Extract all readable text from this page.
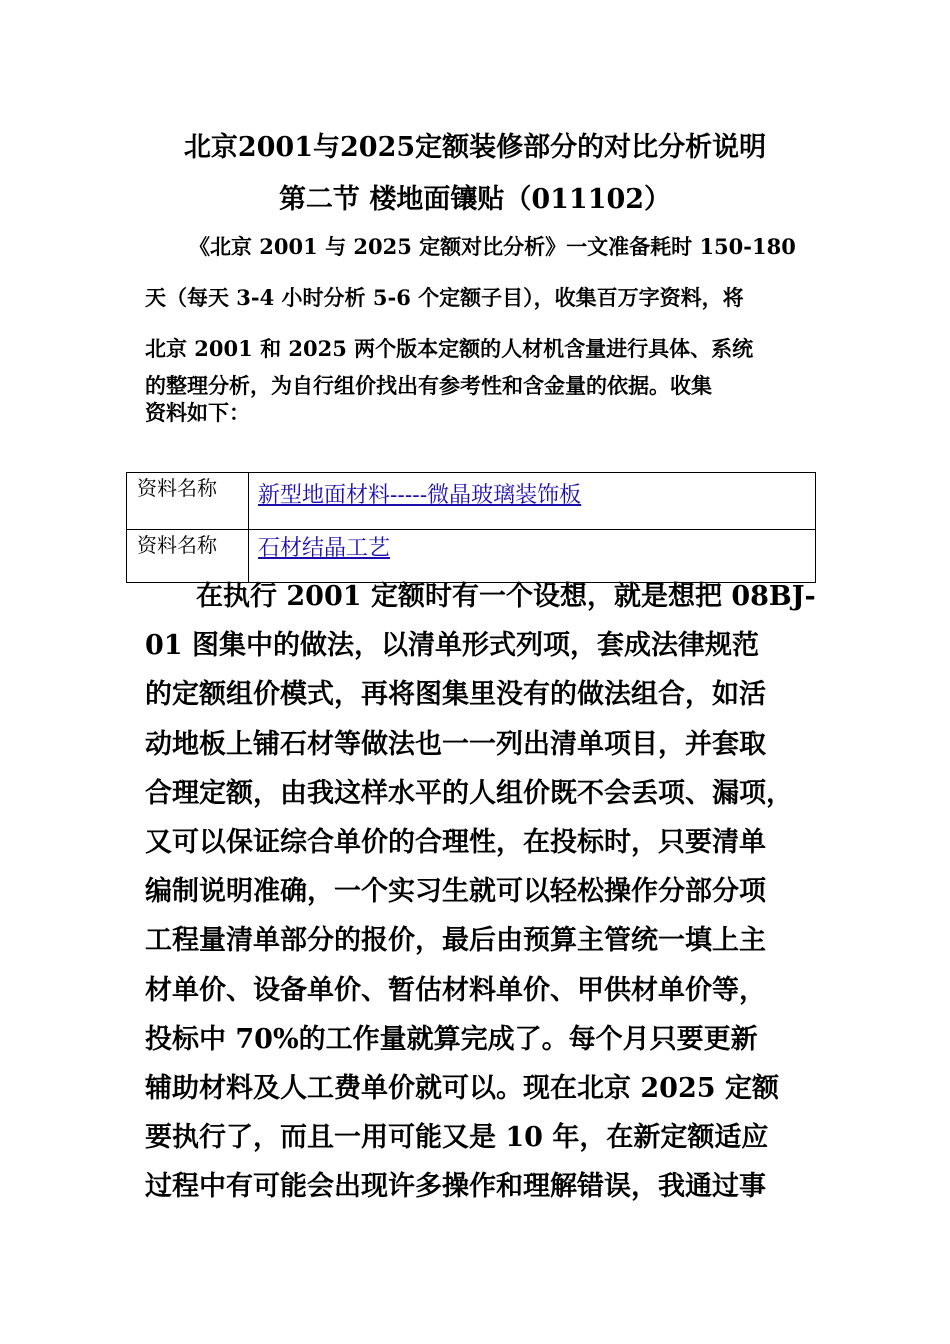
北京2001与2025定额装修部分的对比分析说明
第二节 楼地面镶贴（011102）
《北京 2001 与 2025 定额对比分析》一文准备耗时 150-180
天（每天 3-4 小时分析 5-6 个定额子目），收集百万字资料，将
北京 2001 和 2025 两个版本定额的人材机含量进行具体、系统
的整理分析，为自行组价找出有参考性和含金量的依据。收集
资料如下：
资料名称	新型地面材料-----微晶玻璃装饰板
资料名称	石材结晶工艺
在执行 2001 定额时有一个设想，就是想把 08BJ-
01 图集中的做法，以清单形式列项，套成法律规范
的定额组价模式，再将图集里没有的做法组合，如活
动地板上铺石材等做法也一一列出清单项目，并套取
合理定额，由我这样水平的人组价既不会丢项、漏项，
又可以保证综合单价的合理性，在投标时，只要清单
编制说明准确，一个实习生就可以轻松操作分部分项
工程量清单部分的报价，最后由预算主管统一填上主
材单价、设备单价、暂估材料单价、甲供材单价等，
投标中 70%的工作量就算完成了。每个月只要更新
辅助材料及人工费单价就可以。现在北京 2025 定额
要执行了，而且一用可能又是 10 年，在新定额适应
过程中有可能会出现许多操作和理解错误，我通过事
